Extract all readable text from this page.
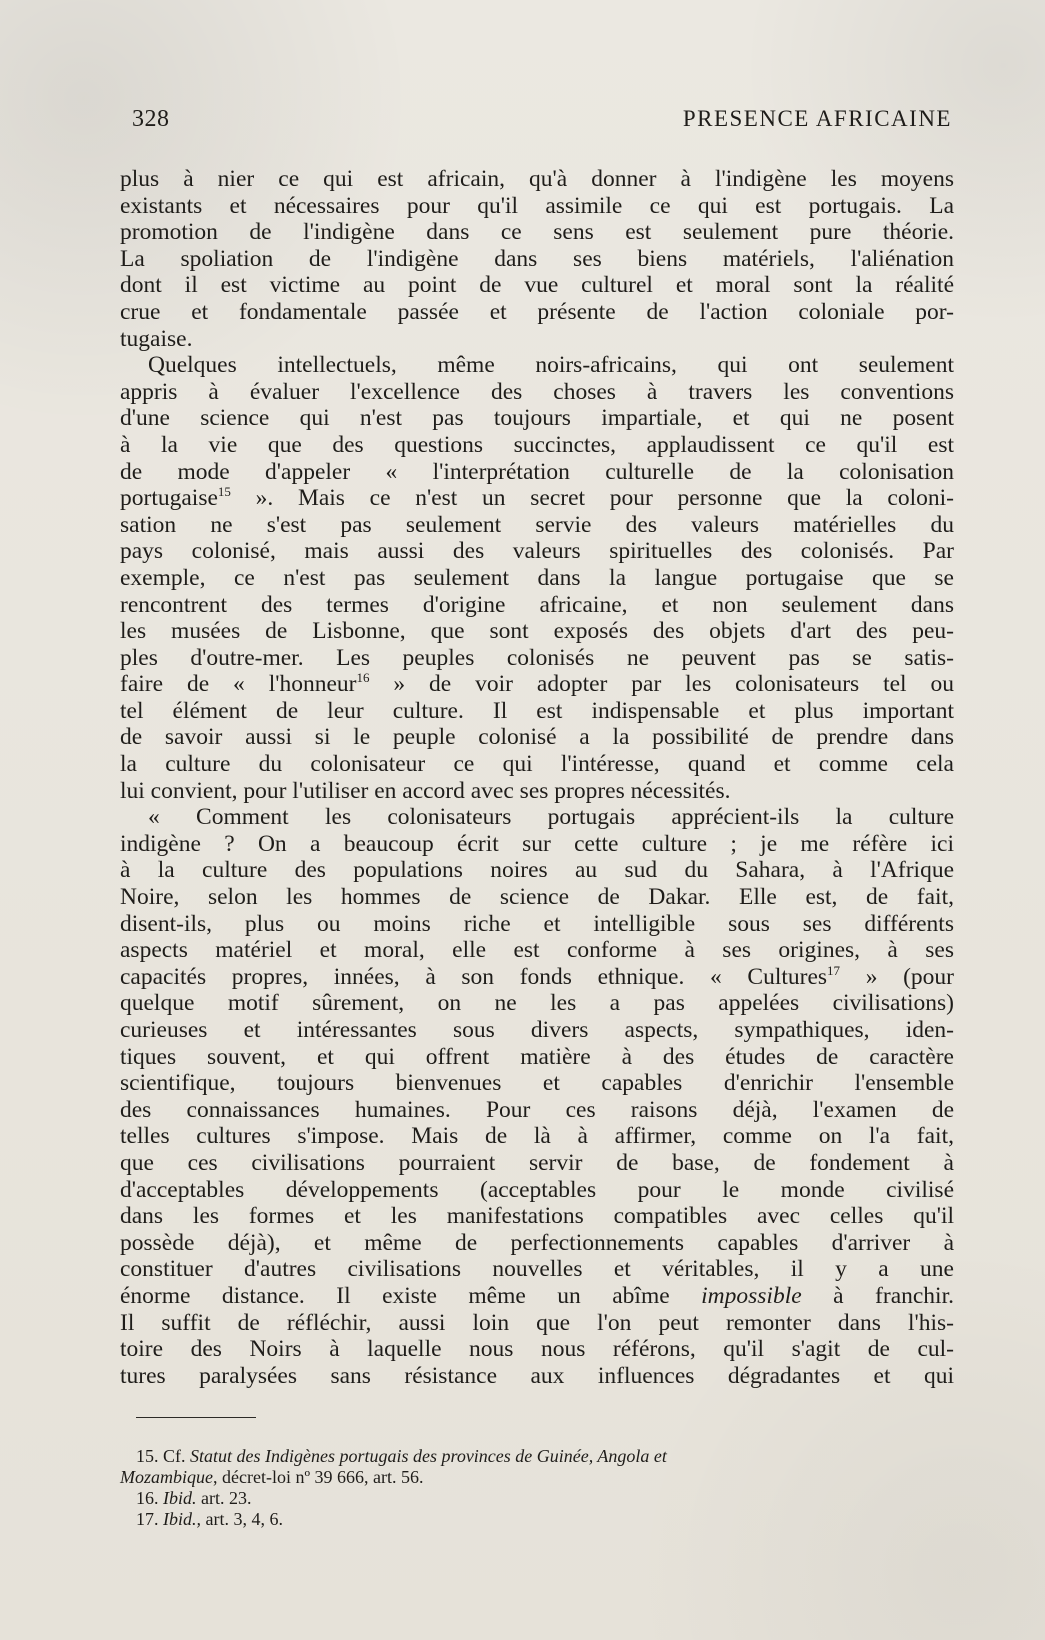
328	PRESENCE AFRICAINE
plus à nier ce qui est africain, qu'à donner à l'indigène les moyens
existants et nécessaires pour qu'il assimile ce qui est portugais. La
promotion de l'indigène dans ce sens est seulement pure théorie.
La spoliation de l'indigène dans ses biens matériels, l'aliénation
dont il est victime au point de vue culturel et moral sont la réalité
crue et fondamentale passée et présente de l'action coloniale por-
tugaise.
Quelques intellectuels, même noirs-africains, qui ont seulement
appris à évaluer l'excellence des choses à travers les conventions
d'une science qui n'est pas toujours impartiale, et qui ne posent
à la vie que des questions succinctes, applaudissent ce qu'il est
de mode d'appeler « l'interprétation culturelle de la colonisation
portugaise$^{15}$ ». Mais ce n'est un secret pour personne que la coloni-
sation ne s'est pas seulement servie des valeurs matérielles du
pays colonisé, mais aussi des valeurs spirituelles des colonisés. Par
exemple, ce n'est pas seulement dans la langue portugaise que se
rencontrent des termes d'origine africaine, et non seulement dans
les musées de Lisbonne, que sont exposés des objets d'art des peu-
ples d'outre-mer. Les peuples colonisés ne peuvent pas se satis-
faire de « l'honneur$^{16}$ » de voir adopter par les colonisateurs tel ou
tel élément de leur culture. Il est indispensable et plus important
de savoir aussi si le peuple colonisé a la possibilité de prendre dans
la culture du colonisateur ce qui l'intéresse, quand et comme cela
lui convient, pour l'utiliser en accord avec ses propres nécessités.
« Comment les colonisateurs portugais apprécient-ils la culture
indigène ? On a beaucoup écrit sur cette culture ; je me réfère ici
à la culture des populations noires au sud du Sahara, à l'Afrique
Noire, selon les hommes de science de Dakar. Elle est, de fait,
disent-ils, plus ou moins riche et intelligible sous ses différents
aspects matériel et moral, elle est conforme à ses origines, à ses
capacités propres, innées, à son fonds ethnique. « Cultures$^{17}$ » (pour
quelque motif sûrement, on ne les a pas appelées civilisations)
curieuses et intéressantes sous divers aspects, sympathiques, iden-
tiques souvent, et qui offrent matière à des études de caractère
scientifique, toujours bienvenues et capables d'enrichir l'ensemble
des connaissances humaines. Pour ces raisons déjà, l'examen de
telles cultures s'impose. Mais de là à affirmer, comme on l'a fait,
que ces civilisations pourraient servir de base, de fondement à
d'acceptables développements (acceptables pour le monde civilisé
dans les formes et les manifestations compatibles avec celles qu'il
possède déjà), et même de perfectionnements capables d'arriver à
constituer d'autres civilisations nouvelles et véritables, il y a une
énorme distance. Il existe même un abîme impossible à franchir.
Il suffit de réfléchir, aussi loin que l'on peut remonter dans l'his-
toire des Noirs à laquelle nous nous référons, qu'il s'agit de cul-
tures paralysées sans résistance aux influences dégradantes et qui
15. Cf. Statut des Indigènes portugais des provinces de Guinée, Angola et
Mozambique, décret-loi nº 39 666, art. 56.
16. Ibid. art. 23.
17. Ibid., art. 3, 4, 6.
